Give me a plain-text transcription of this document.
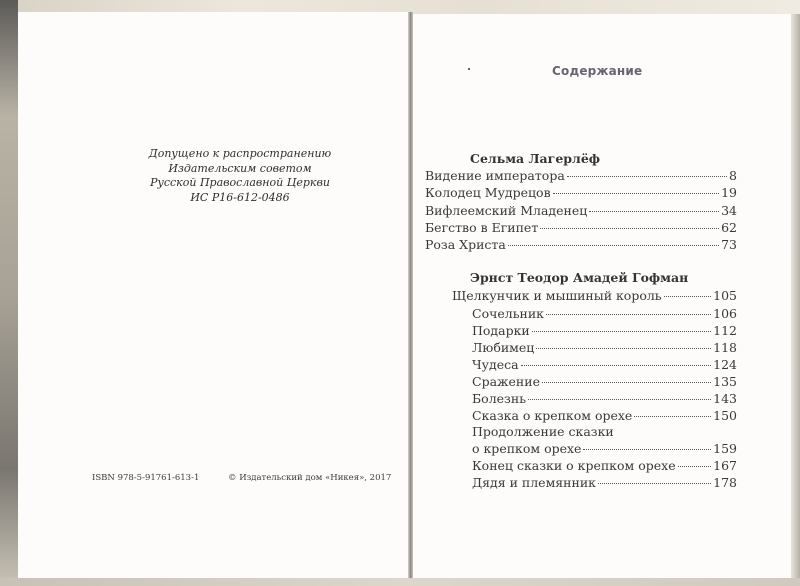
Допущено к распространению
Издательским советом
Русской Православной Церкви
ИС Р16-612-0486
ISBN 978-5-91761-613-1	© Издательский дом «Никея», 2017
Содержание
Сельма Лагерлёф
Видение императора	8
Колодец Мудрецов	19
Вифлеемский Младенец	34
Бегство в Египет	62
Роза Христа	73
Эрнст Теодор Амадей Гофман
Щелкунчик и мышиный король	105
Сочельник	106
Подарки	112
Любимец	118
Чудеса	124
Сражение	135
Болезнь	143
Сказка о крепком орехе	150
Продолжение сказки
о крепком орехе	159
Конец сказки о крепком орехе	167
Дядя и племянник	178
